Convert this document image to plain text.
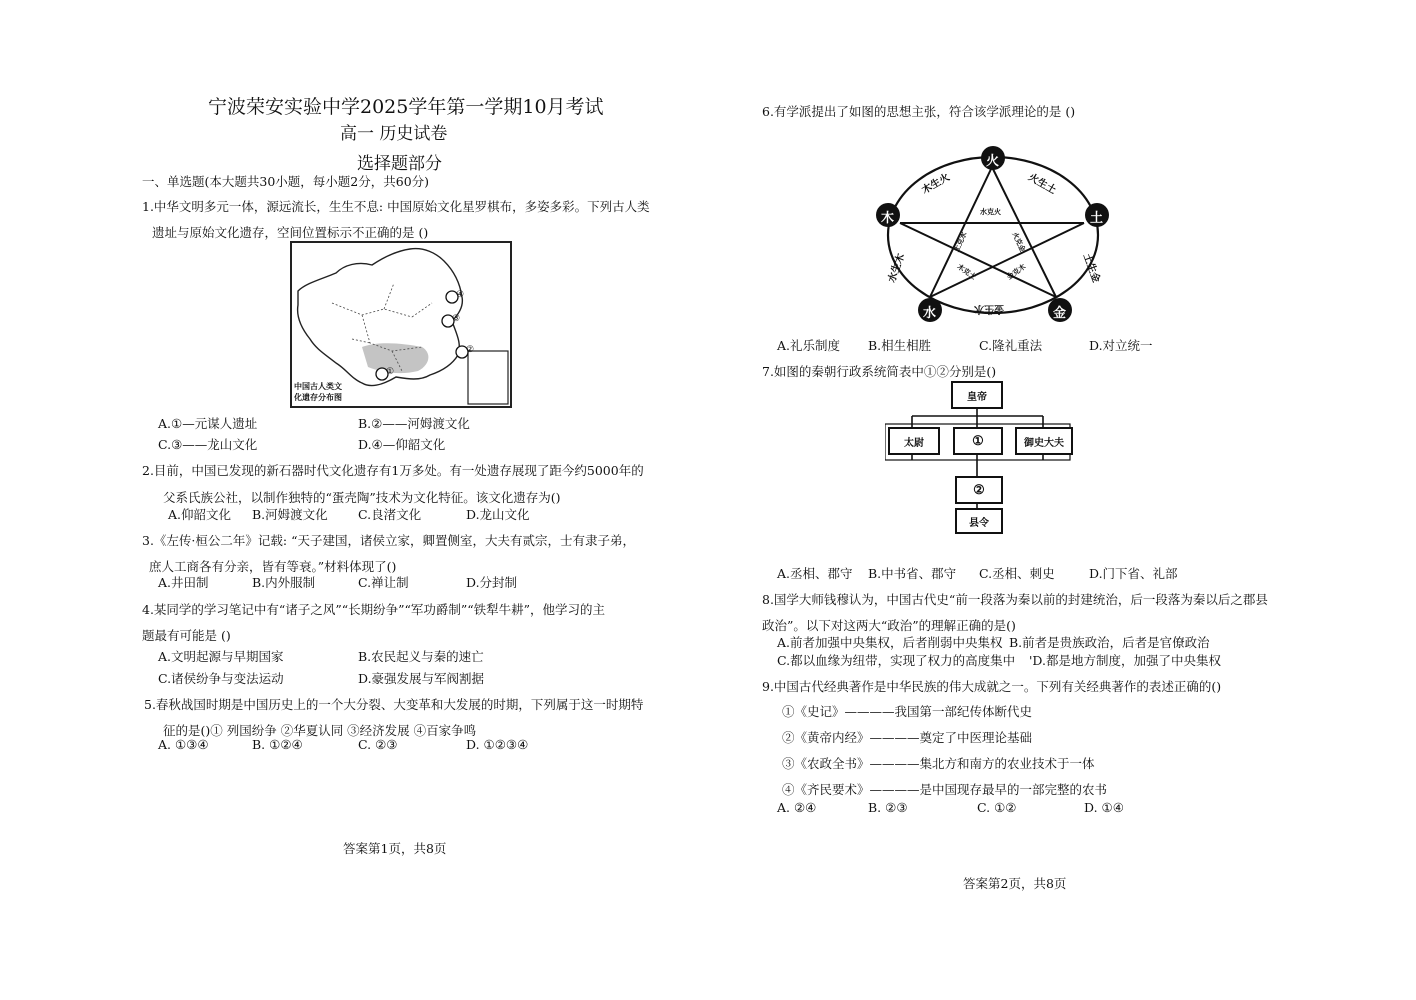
宁波荣安实验中学2025学年第一学期10月考试
高一 历史试卷
选择题部分
一、单选题(本大题共30小题，每小题2分，共60分)
1.中华文明多元一体，源远流长，生生不息: 中国原始文化星罗棋布，多姿多彩。下列古人类
遗址与原始文化遗存，空间位置标示不正确的是 ()
①
②
③
④
中国古人类文
化遗存分布图
A.①—元谋人遗址	B.②——河姆渡文化
C.③——龙山文化	D.④—仰韶文化
2.目前，中国已发现的新石器时代文化遗存有1万多处。有一处遗存展现了距今约5000年的
父系氏族公社，以制作独特的“蛋壳陶”技术为文化特征。该文化遗存为()
A.仰韶文化 B.河姆渡文化 C.良渚文化	D.龙山文化
3.《左传·桓公二年》记载: “天子建国，诸侯立家，卿置侧室，大夫有贰宗，士有隶子弟，
庶人工商各有分亲，皆有等衰。”材料体现了()
A.井田制	B.内外服制	C.禅让制	D.分封制
4.某同学的学习笔记中有“诸子之风”“长期纷争”“军功爵制”“铁犁牛耕”，他学习的主
题最有可能是 ()
A.文明起源与早期国家	B.农民起义与秦的速亡
C.诸侯纷争与变法运动	D.豪强发展与军阀割据
5.春秋战国时期是中国历史上的一个大分裂、大变革和大发展的时期，下列属于这一时期特
征的是()① 列国纷争 ②华夏认同 ③经济发展 ④百家争鸣
A. ①③④	B. ①②④	C. ②③	D. ①②③④
答案第1页，共8页
6.有学派提出了如图的思想主张，符合该学派理论的是 ()
火
土
金
水
木
木生火	火生土
土生金
金生水
水生木
水克火
火克金
金克木
木克土
土克水
A.礼乐制度 B.相生相胜	C.隆礼重法	D.对立统一
7.如图的秦朝行政系统简表中①②分别是()
皇帝
太尉	①	御史大夫
②
县令
A.丞相、郡守 B.中书省、郡守 C.丞相、刺史	D.门下省、礼部
8.国学大师钱穆认为，中国古代史“前一段落为秦以前的封建统治，后一段落为秦以后之郡县
政治”。以下对这两大“政治”的理解正确的是()
A.前者加强中央集权，后者削弱中央集权 B.前者是贵族政治，后者是官僚政治
C.都以血缘为纽带，实现了权力的高度集中 'D.都是地方制度，加强了中央集权
9.中国古代经典著作是中华民族的伟大成就之一。下列有关经典著作的表述正确的()
①《史记》————我国第一部纪传体断代史
②《黄帝内经》————奠定了中医理论基础
③《农政全书》————集北方和南方的农业技术于一体
④《齐民要术》————是中国现存最早的一部完整的农书
A. ②④	B. ②③	C. ①②	D. ①④
答案第2页，共8页
